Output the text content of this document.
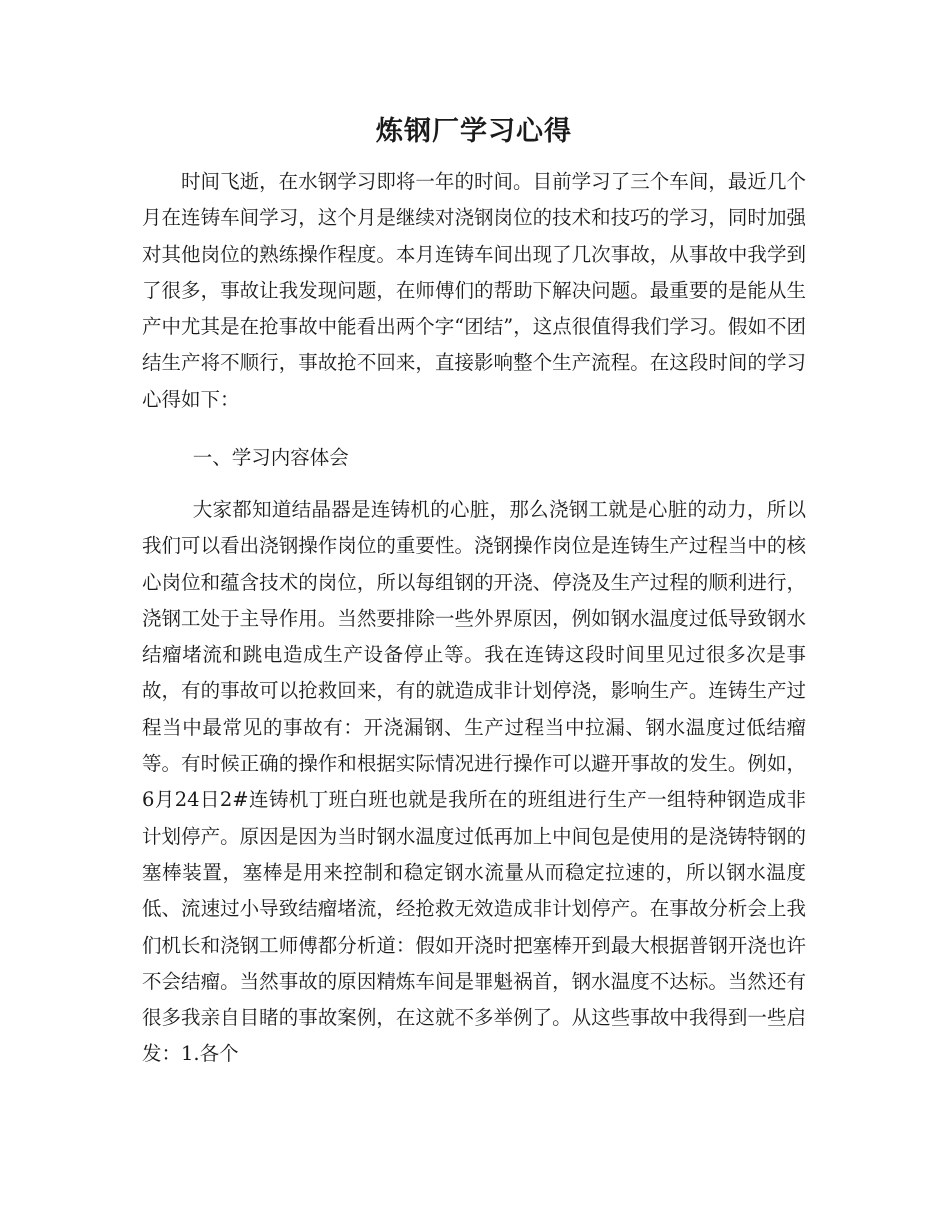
炼钢厂学习心得

时间飞逝，在水钢学习即将一年的时间。目前学习了三个车间，最近几个月在连铸车间学习，这个月是继续对浇钢岗位的技术和技巧的学习，同时加强对其他岗位的熟练操作程度。本月连铸车间出现了几次事故，从事故中我学到了很多，事故让我发现问题，在师傅们的帮助下解决问题。最重要的是能从生产中尤其是在抢事故中能看出两个字“团结”，这点很值得我们学习。假如不团结生产将不顺行，事故抢不回来，直接影响整个生产流程。在这段时间的学习心得如下：

一、学习内容体会

大家都知道结晶器是连铸机的心脏，那么浇钢工就是心脏的动力，所以我们可以看出浇钢操作岗位的重要性。浇钢操作岗位是连铸生产过程当中的核心岗位和蕴含技术的岗位，所以每组钢的开浇、停浇及生产过程的顺利进行，浇钢工处于主导作用。当然要排除一些外界原因，例如钢水温度过低导致钢水结瘤堵流和跳电造成生产设备停止等。我在连铸这段时间里见过很多次是事故，有的事故可以抢救回来，有的就造成非计划停浇，影响生产。连铸生产过程当中最常见的事故有：开浇漏钢、生产过程当中拉漏、钢水温度过低结瘤等。有时候正确的操作和根据实际情况进行操作可以避开事故的发生。例如，6月24日2#连铸机丁班白班也就是我所在的班组进行生产一组特种钢造成非计划停产。原因是因为当时钢水温度过低再加上中间包是使用的是浇铸特钢的塞棒装置，塞棒是用来控制和稳定钢水流量从而稳定拉速的，所以钢水温度低、流速过小导致结瘤堵流，经抢救无效造成非计划停产。在事故分析会上我们机长和浇钢工师傅都分析道：假如开浇时把塞棒开到最大根据普钢开浇也许不会结瘤。当然事故的原因精炼车间是罪魁祸首，钢水温度不达标。当然还有很多我亲自目睹的事故案例，在这就不多举例了。从这些事故中我得到一些启发：1.各个
